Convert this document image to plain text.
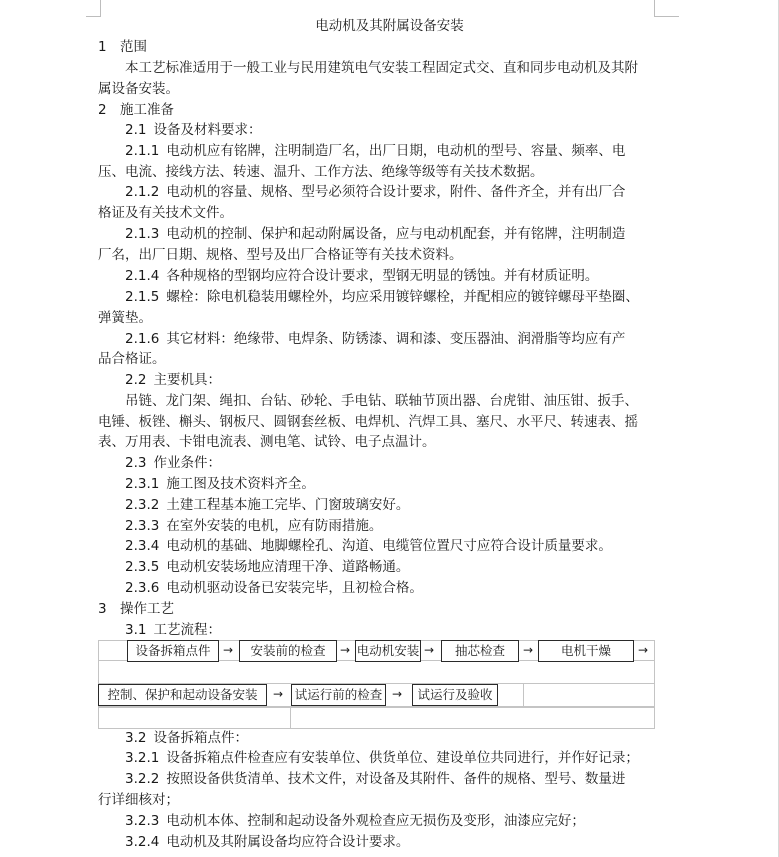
电动机及其附属设备安装
1 范围
本工艺标准适用于一般工业与民用建筑电气安装工程固定式交、直和同步电动机及其附
属设备安装。
2 施工准备
2.1 设备及材料要求：
2.1.1 电动机应有铭牌，注明制造厂名，出厂日期，电动机的型号、容量、频率、电
压、电流、接线方法、转速、温升、工作方法、绝缘等级等有关技术数据。
2.1.2 电动机的容量、规格、型号必须符合设计要求，附件、备件齐全，并有出厂合
格证及有关技术文件。
2.1.3 电动机的控制、保护和起动附属设备，应与电动机配套，并有铭牌，注明制造
厂名，出厂日期、规格、型号及出厂合格证等有关技术资料。
2.1.4 各种规格的型钢均应符合设计要求，型钢无明显的锈蚀。并有材质证明。
2.1.5 螺栓：除电机稳装用螺栓外，均应采用镀锌螺栓，并配相应的镀锌螺母平垫圈、
弹簧垫。
2.1.6 其它材料：绝缘带、电焊条、防锈漆、调和漆、变压器油、润滑脂等均应有产
品合格证。
2.2 主要机具：
吊链、龙门架、绳扣、台钻、砂轮、手电钻、联轴节顶出器、台虎钳、油压钳、扳手、
电锤、板锉、槲头、钢板尺、圆钢套丝板、电焊机、汽焊工具、塞尺、水平尺、转速表、摇
表、万用表、卡钳电流表、测电笔、试铃、电子点温计。
2.3 作业条件：
2.3.1 施工图及技术资料齐全。
2.3.2 土建工程基本施工完毕、门窗玻璃安好。
2.3.3 在室外安装的电机，应有防雨措施。
2.3.4 电动机的基础、地脚螺栓孔、沟道、电缆管位置尺寸应符合设计质量要求。
2.3.5 电动机安装场地应清理干净、道路畅通。
2.3.6 电动机驱动设备已安装完毕，且初检合格。
3 操作工艺
3.1 工艺流程：
设备拆箱点件	→	安装前的检查	→ 电动机安装 →	抽芯检查	→	电机干燥	→
控制、保护和起动设备安装	→ 试运行前的检查 →	试运行及验收
3.2 设备拆箱点件：
3.2.1 设备拆箱点件检查应有安装单位、供货单位、建设单位共同进行，并作好记录；
3.2.2 按照设备供货清单、技术文件，对设备及其附件、备件的规格、型号、数量进
行详细核对；
3.2.3 电动机本体、控制和起动设备外观检查应无损伤及变形，油漆应完好；
3.2.4 电动机及其附属设备均应符合设计要求。
